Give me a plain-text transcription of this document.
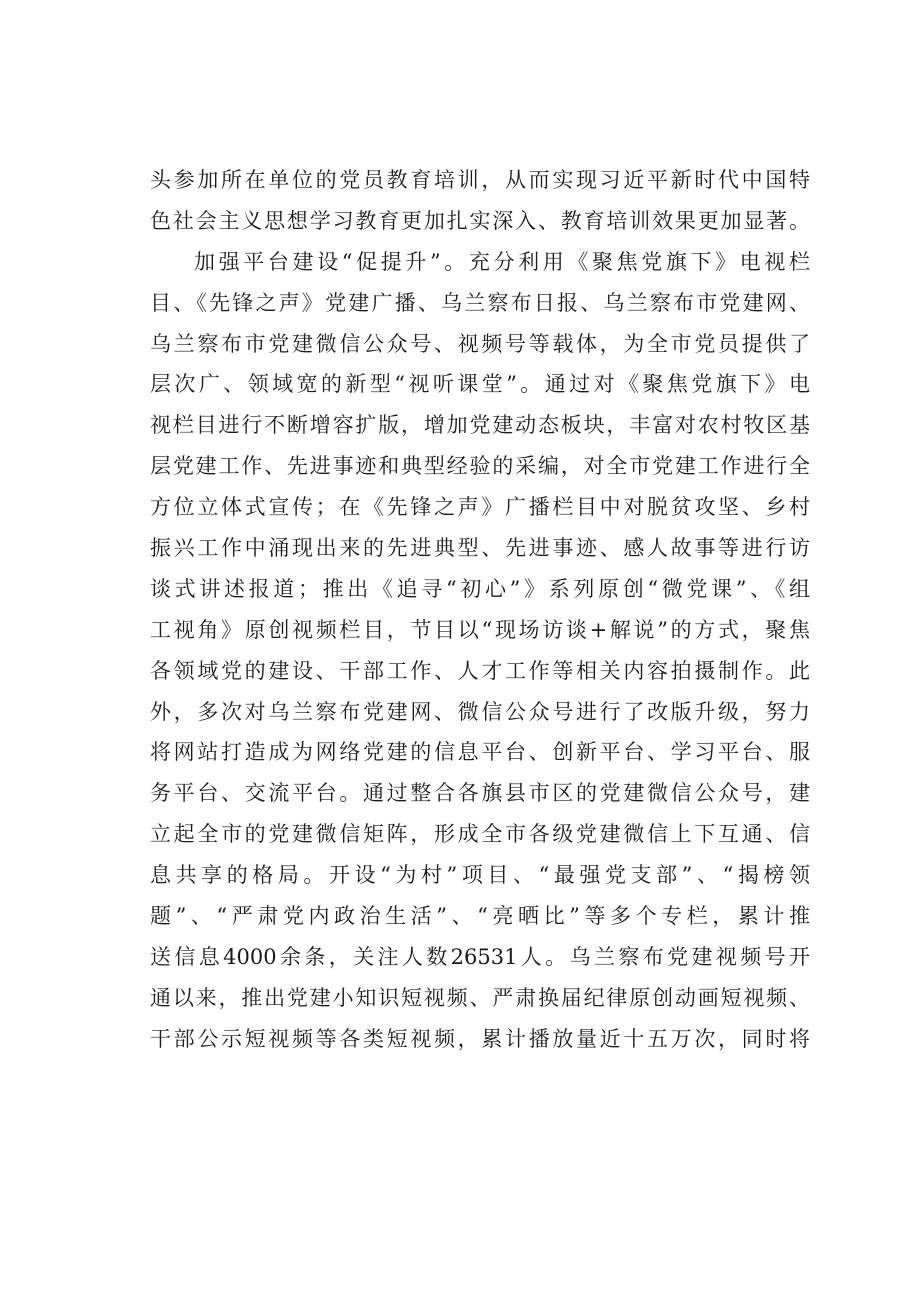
头参加所在单位的党员教育培训，从而实现习近平新时代中国特
色社会主义思想学习教育更加扎实深入、教育培训效果更加显著。
加强平台建设“促提升”。充分利用《聚焦党旗下》电视栏
目、《先锋之声》党建广播、乌兰察布日报、乌兰察布市党建网、
乌兰察布市党建微信公众号、视频号等载体，为全市党员提供了
层次广、领域宽的新型“视听课堂”。通过对《聚焦党旗下》电
视栏目进行不断增容扩版，增加党建动态板块，丰富对农村牧区基
层党建工作、先进事迹和典型经验的采编，对全市党建工作进行全
方位立体式宣传；在《先锋之声》广播栏目中对脱贫攻坚、乡村
振兴工作中涌现出来的先进典型、先进事迹、感人故事等进行访
谈式讲述报道；推出《追寻“初心”》系列原创“微党课”、《组
工视角》原创视频栏目，节目以“现场访谈+解说”的方式，聚焦
各领域党的建设、干部工作、人才工作等相关内容拍摄制作。此
外，多次对乌兰察布党建网、微信公众号进行了改版升级，努力
将网站打造成为网络党建的信息平台、创新平台、学习平台、服
务平台、交流平台。通过整合各旗县市区的党建微信公众号，建
立起全市的党建微信矩阵，形成全市各级党建微信上下互通、信
息共享的格局。开设“为村”项目、“最强党支部”、“揭榜领
题”、“严肃党内政治生活”、“亮晒比”等多个专栏，累计推
送信息4000余条，关注人数26531人。乌兰察布党建视频号开
通以来，推出党建小知识短视频、严肃换届纪律原创动画短视频、
干部公示短视频等各类短视频，累计播放量近十五万次，同时将
